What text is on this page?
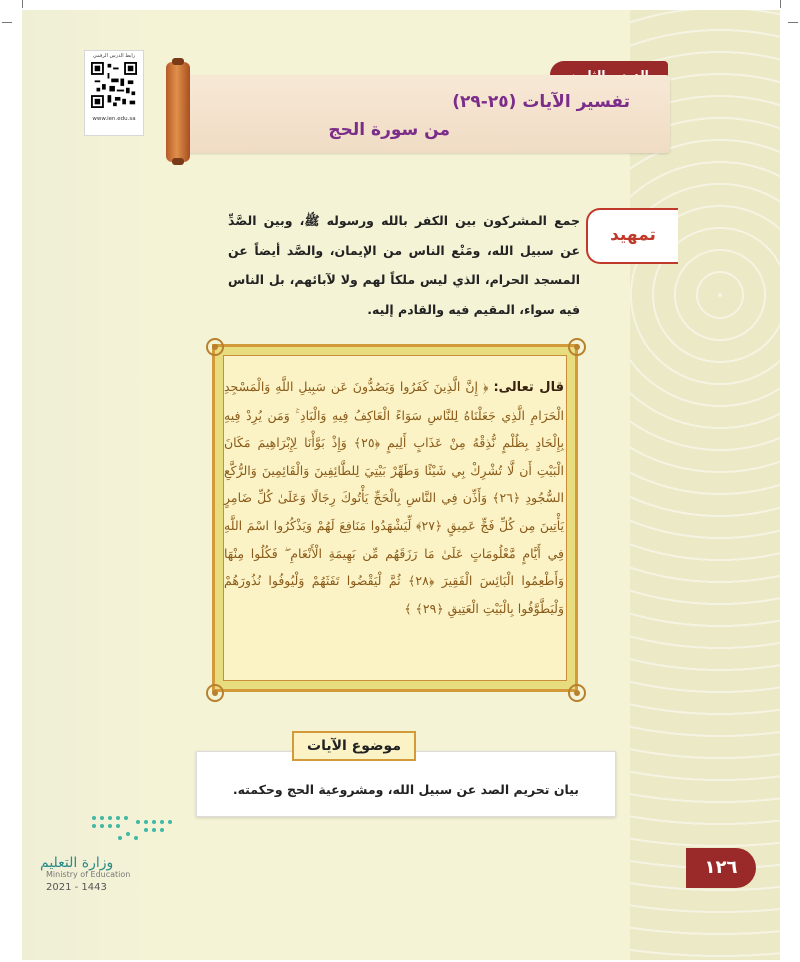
رابط الدرس الرقمي
www.ien.edu.sa
تفسير الآيات (٢٥-٢٩)
من سورة الحج
تمهيد
جمع المشركون بين الكفر بالله ورسوله ﷺ، وبين الصَّدِّ عن سبيل الله، ومَنْع الناس من الإيمان، والصَّد أيضاً عن المسجد الحرام، الذي ليس ملكاً لهم ولا لآبائهم، بل الناس فيه سواء، المقيم فيه والقادم إليه.
قال تعالى: ﴿ إِنَّ الَّذِينَ كَفَرُوا وَيَصُدُّونَ عَن سَبِيلِ اللَّهِ وَالْمَسْجِدِ الْحَرَامِ الَّذِي جَعَلْنَاهُ لِلنَّاسِ سَوَاءً الْعَاكِفُ فِيهِ وَالْبَادِ ۚ وَمَن يُرِدْ فِيهِ بِإِلْحَادٍ بِظُلْمٍ نُّذِقْهُ مِنْ عَذَابٍ أَلِيمٍ ﴿٢٥﴾ وَإِذْ بَوَّأْنَا لِإِبْرَاهِيمَ مَكَانَ الْبَيْتِ أَن لَّا تُشْرِكْ بِي شَيْئًا وَطَهِّرْ بَيْتِيَ لِلطَّائِفِينَ وَالْقَائِمِينَ وَالرُّكَّعِ السُّجُودِ ﴿٢٦﴾ وَأَذِّن فِي النَّاسِ بِالْحَجِّ يَأْتُوكَ رِجَالًا وَعَلَىٰ كُلِّ ضَامِرٍ يَأْتِينَ مِن كُلِّ فَجٍّ عَمِيقٍ ﴿٢٧﴾ لِّيَشْهَدُوا مَنَافِعَ لَهُمْ وَيَذْكُرُوا اسْمَ اللَّهِ فِي أَيَّامٍ مَّعْلُومَاتٍ عَلَىٰ مَا رَزَقَهُم مِّن بَهِيمَةِ الْأَنْعَامِ ۖ فَكُلُوا مِنْهَا وَأَطْعِمُوا الْبَائِسَ الْفَقِيرَ ﴿٢٨﴾ ثُمَّ لْيَقْضُوا تَفَثَهُمْ وَلْيُوفُوا نُذُورَهُمْ وَلْيَطَّوَّفُوا بِالْبَيْتِ الْعَتِيقِ ﴿٢٩﴾ ﴾
بيان تحريم الصد عن سبيل الله، ومشروعية الحج وحكمته.
موضوع الآيات
وزارة التعليم
Ministry of Education
2021 - 1443
١٢٦
